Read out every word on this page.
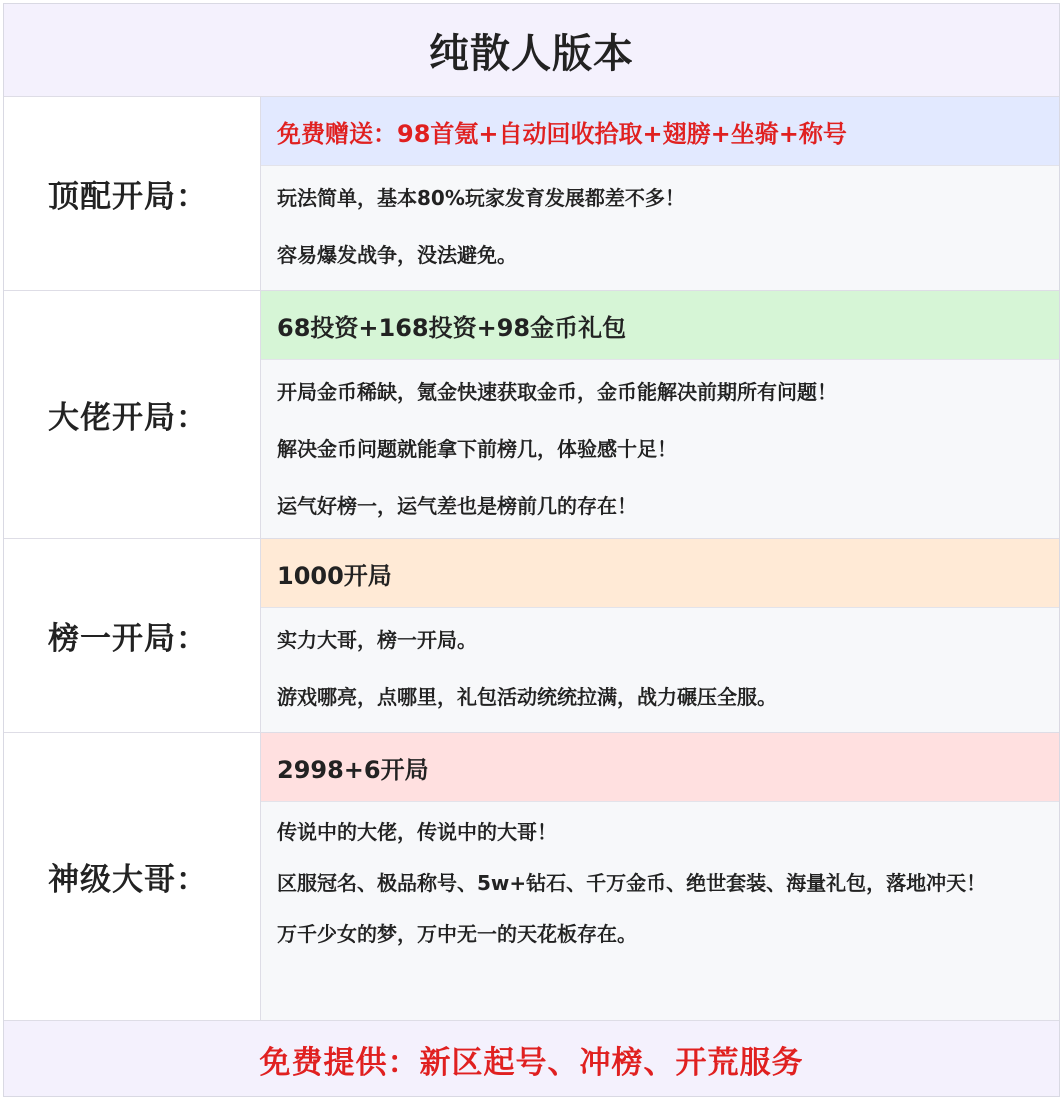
纯散人版本
顶配开局：
免费赠送：98首氪+自动回收拾取+翅膀+坐骑+称号

玩法简单，基本80%玩家发育发展都差不多！

容易爆发战争，没法避免。

大佬开局：
68投资+168投资+98金币礼包

开局金币稀缺，氪金快速获取金币，金币能解决前期所有问题！

解决金币问题就能拿下前榜几，体验感十足！

运气好榜一，运气差也是榜前几的存在！

榜一开局：
1000开局

实力大哥，榜一开局。

游戏哪亮，点哪里，礼包活动统统拉满，战力碾压全服。

神级大哥：
2998+6开局

传说中的大佬，传说中的大哥！

区服冠名、极品称号、5w+钻石、千万金币、绝世套装、海量礼包，落地冲天！

万千少女的梦，万中无一的天花板存在。

免费提供：新区起号、冲榜、开荒服务
